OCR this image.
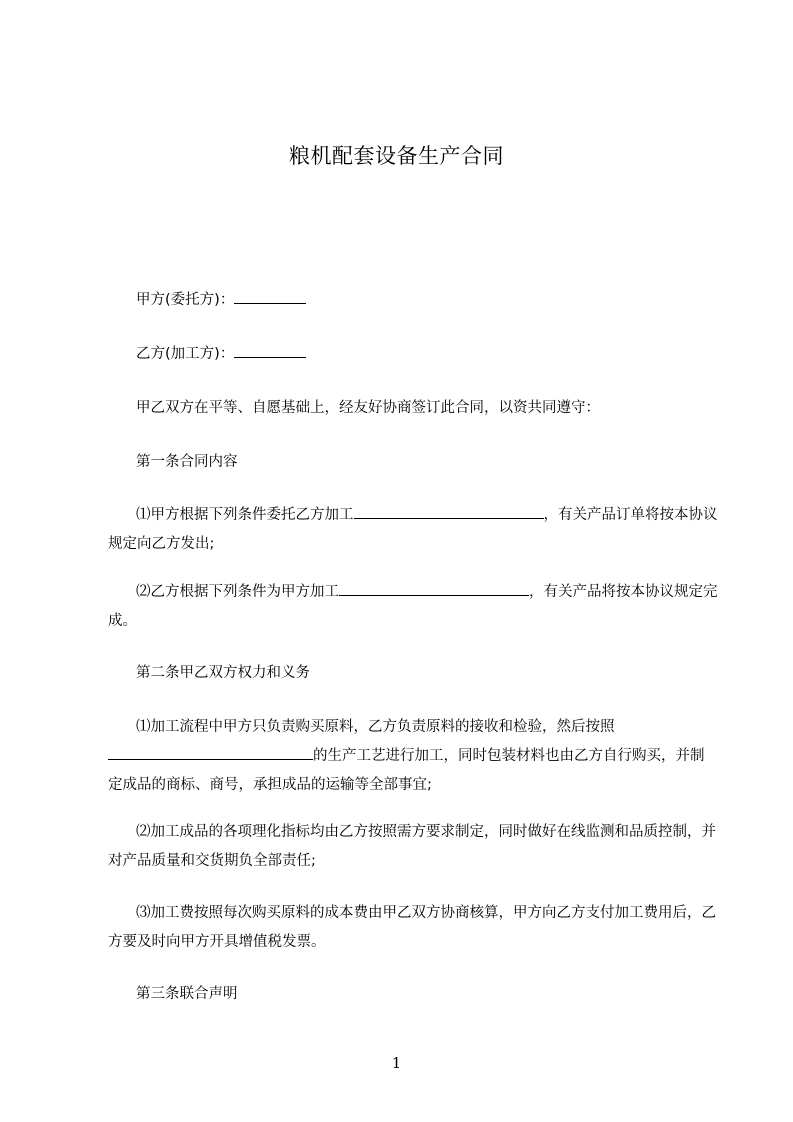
粮机配套设备生产合同
甲方(委托方)：
乙方(加工方)：
甲乙双方在平等、自愿基础上，经友好协商签订此合同，以资共同遵守：
第一条合同内容
⑴甲方根据下列条件委托乙方加工	，有关产品订单将按本协议规定向乙方发出;
⑵乙方根据下列条件为甲方加工	，有关产品将按本协议规定完成。
第二条甲乙双方权力和义务
⑴加工流程中甲方只负责购买原料，乙方负责原料的接收和检验，然后按照的生产工艺进行加工，同时包装材料也由乙方自行购买，并制定成品的商标、商号，承担成品的运输等全部事宜;
⑵加工成品的各项理化指标均由乙方按照需方要求制定，同时做好在线监测和品质控制，并对产品质量和交货期负全部责任;
⑶加工费按照每次购买原料的成本费由甲乙双方协商核算，甲方向乙方支付加工费用后，乙方要及时向甲方开具增值税发票。
第三条联合声明
1
